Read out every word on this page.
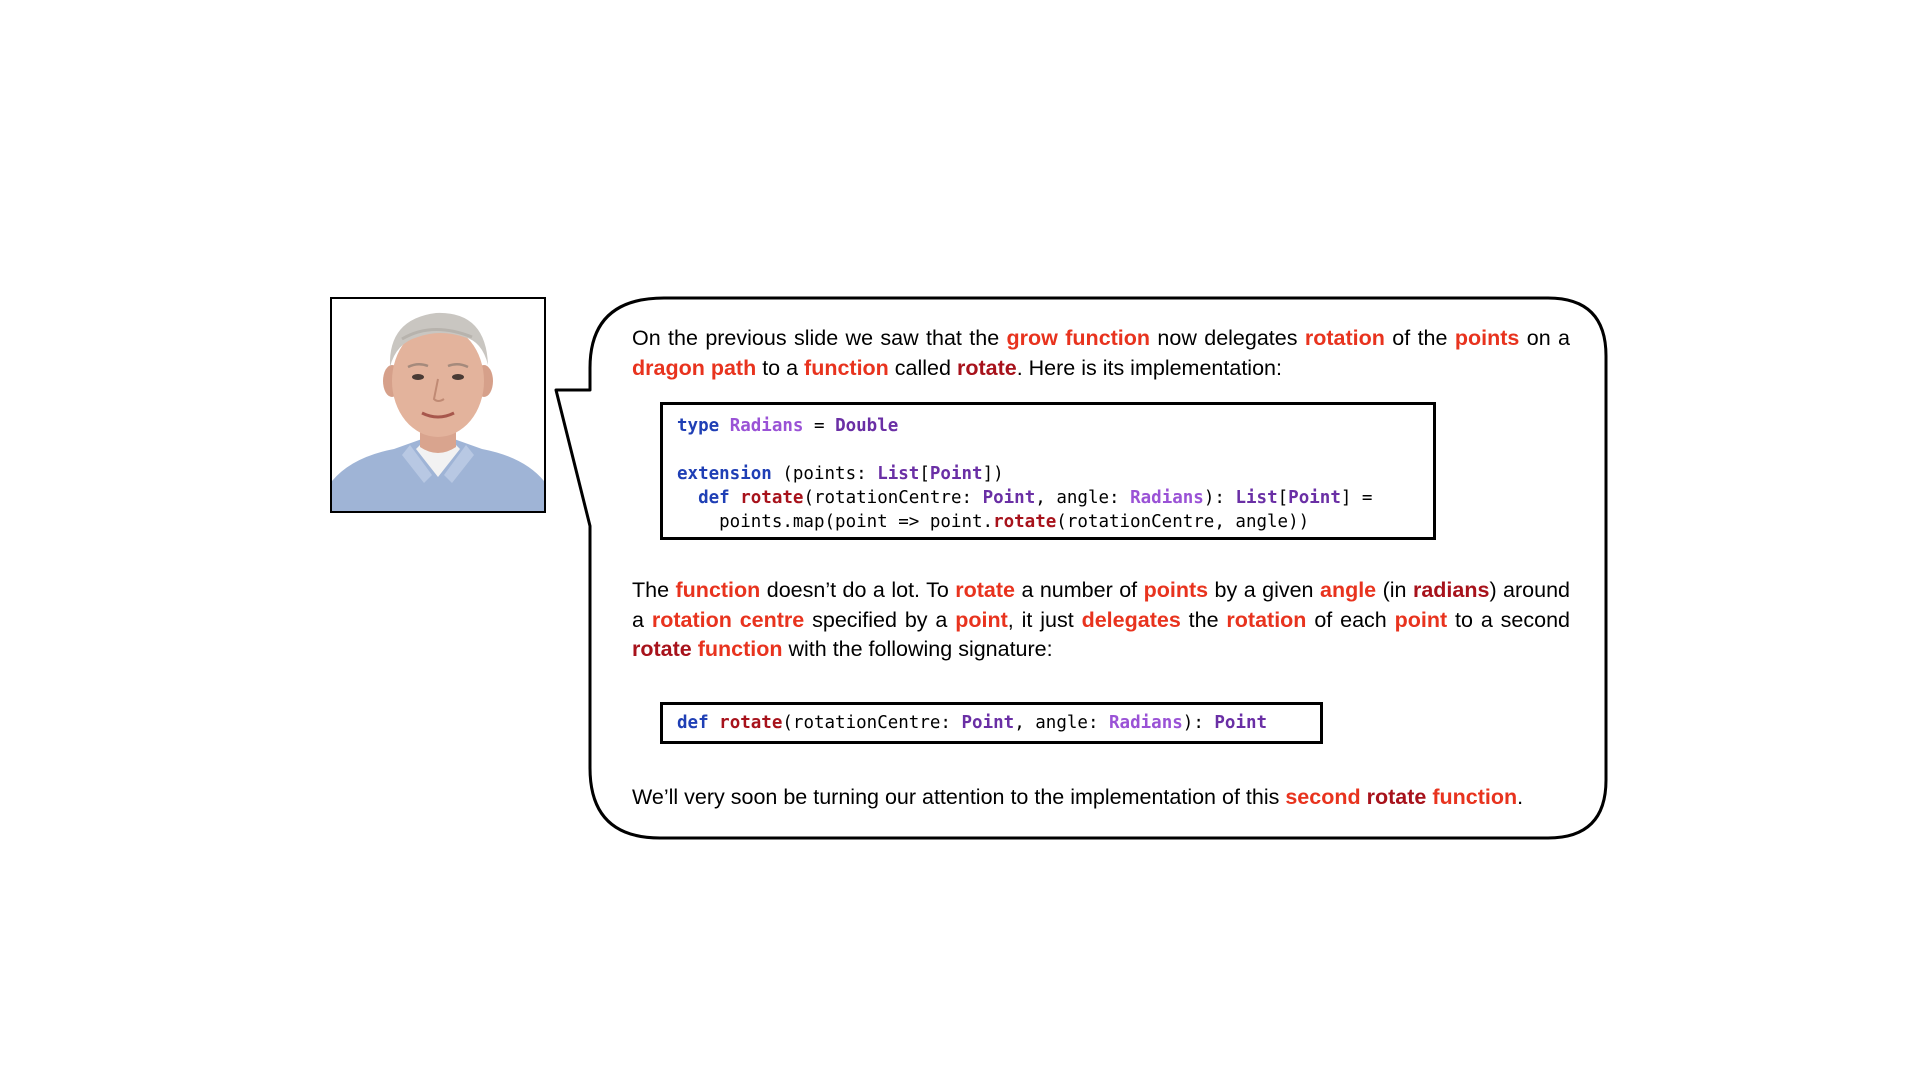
On the previous slide we saw that the grow function now delegates rotation of the points on a dragon path to a function called rotate. Here is its implementation:

type Radians = Double

extension (points: List[Point])
def rotate(rotationCentre: Point, angle: Radians): List[Point] =
points.map(point => point.rotate(rotationCentre, angle))

The function doesn’t do a lot. To rotate a number of points by a given angle (in radians) around a rotation centre specified by a point, it just delegates the rotation of each point to a second rotate function with the following signature:

def rotate(rotationCentre: Point, angle: Radians): Point

We’ll very soon be turning our attention to the implementation of this second rotate function.
